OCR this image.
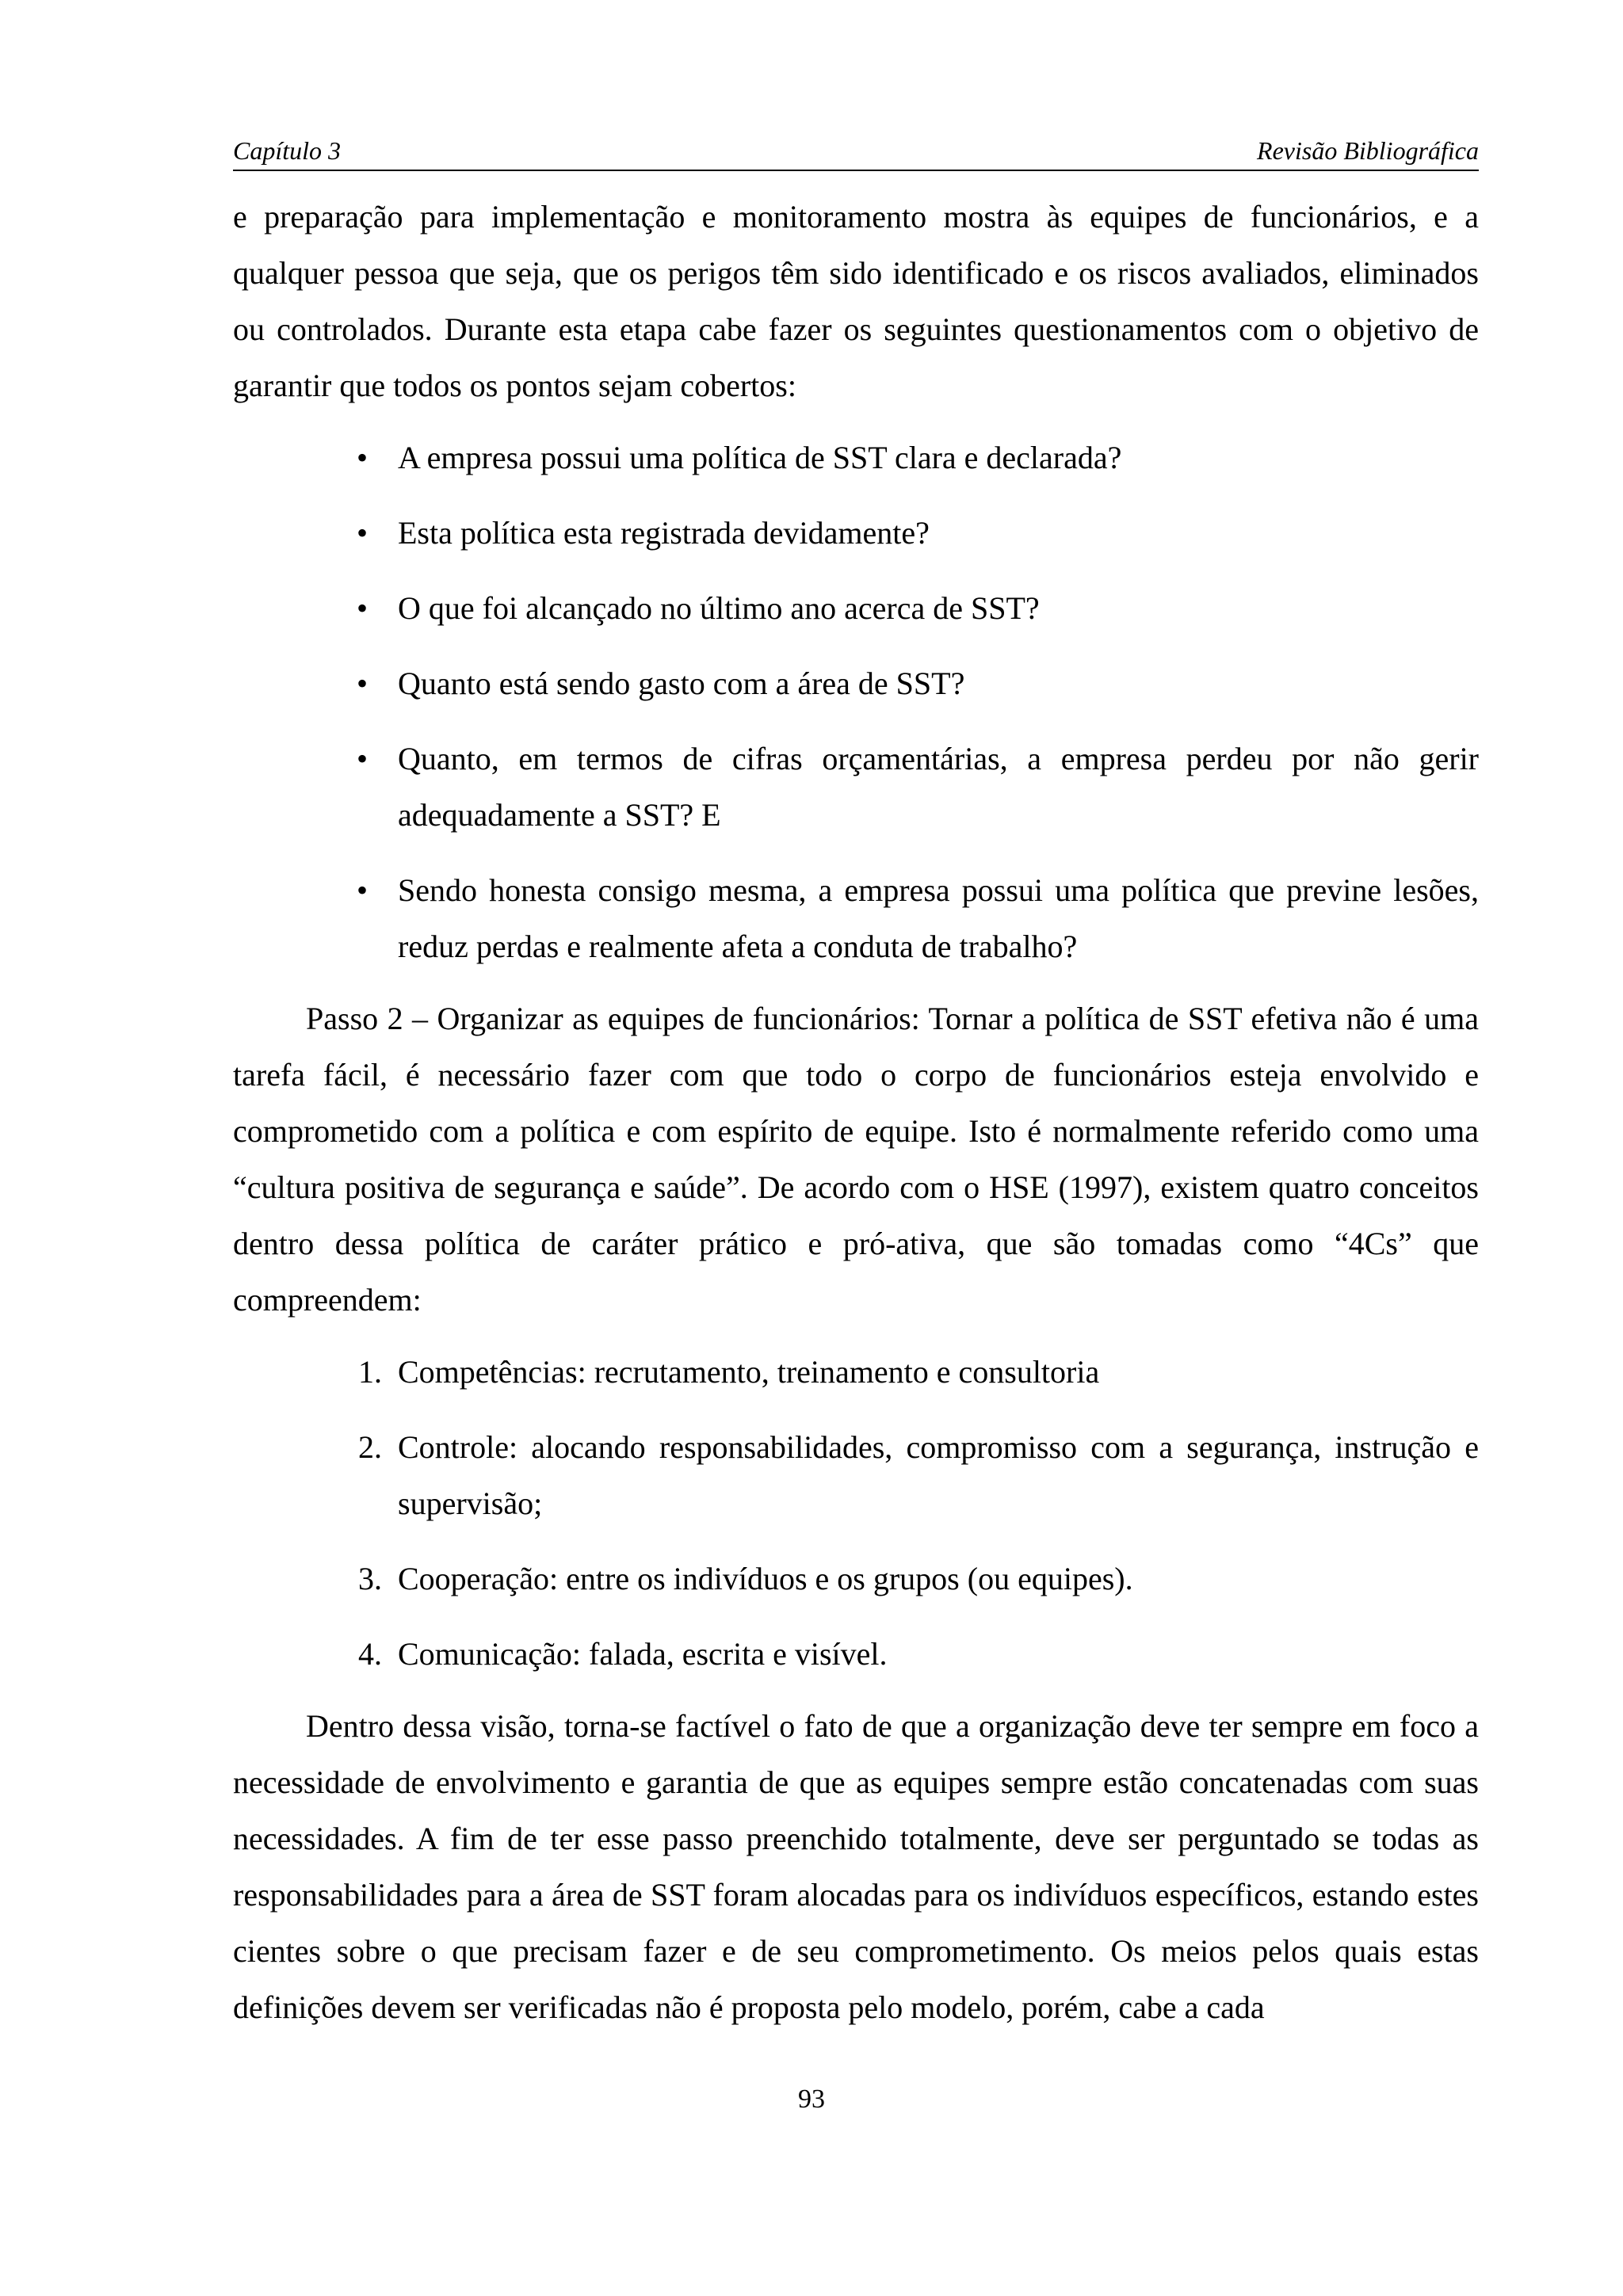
Capítulo 3	Revisão Bibliográfica

e preparação para implementação e monitoramento mostra às equipes de funcionários, e a qualquer pessoa que seja, que os perigos têm sido identificado e os riscos avaliados, eliminados ou controlados. Durante esta etapa cabe fazer os seguintes questionamentos com o objetivo de garantir que todos os pontos sejam cobertos:

• A empresa possui uma política de SST clara e declarada?
• Esta política esta registrada devidamente?
• O que foi alcançado no último ano acerca de SST?
• Quanto está sendo gasto com a área de SST?
• Quanto, em termos de cifras orçamentárias, a empresa perdeu por não gerir adequadamente a SST? E
• Sendo honesta consigo mesma, a empresa possui uma política que previne lesões, reduz perdas e realmente afeta a conduta de trabalho?

Passo 2 – Organizar as equipes de funcionários: Tornar a política de SST efetiva não é uma tarefa fácil, é necessário fazer com que todo o corpo de funcionários esteja envolvido e comprometido com a política e com espírito de equipe. Isto é normalmente referido como uma “cultura positiva de segurança e saúde”. De acordo com o HSE (1997), existem quatro conceitos dentro dessa política de caráter prático e pró-ativa, que são tomadas como “4Cs” que compreendem:

1. Competências: recrutamento, treinamento e consultoria
2. Controle: alocando responsabilidades, compromisso com a segurança, instrução e supervisão;
3. Cooperação: entre os indivíduos e os grupos (ou equipes).
4. Comunicação: falada, escrita e visível.

Dentro dessa visão, torna-se factível o fato de que a organização deve ter sempre em foco a necessidade de envolvimento e garantia de que as equipes sempre estão concatenadas com suas necessidades. A fim de ter esse passo preenchido totalmente, deve ser perguntado se todas as responsabilidades para a área de SST foram alocadas para os indivíduos específicos, estando estes cientes sobre o que precisam fazer e de seu comprometimento. Os meios pelos quais estas definições devem ser verificadas não é proposta pelo modelo, porém, cabe a cada

93
